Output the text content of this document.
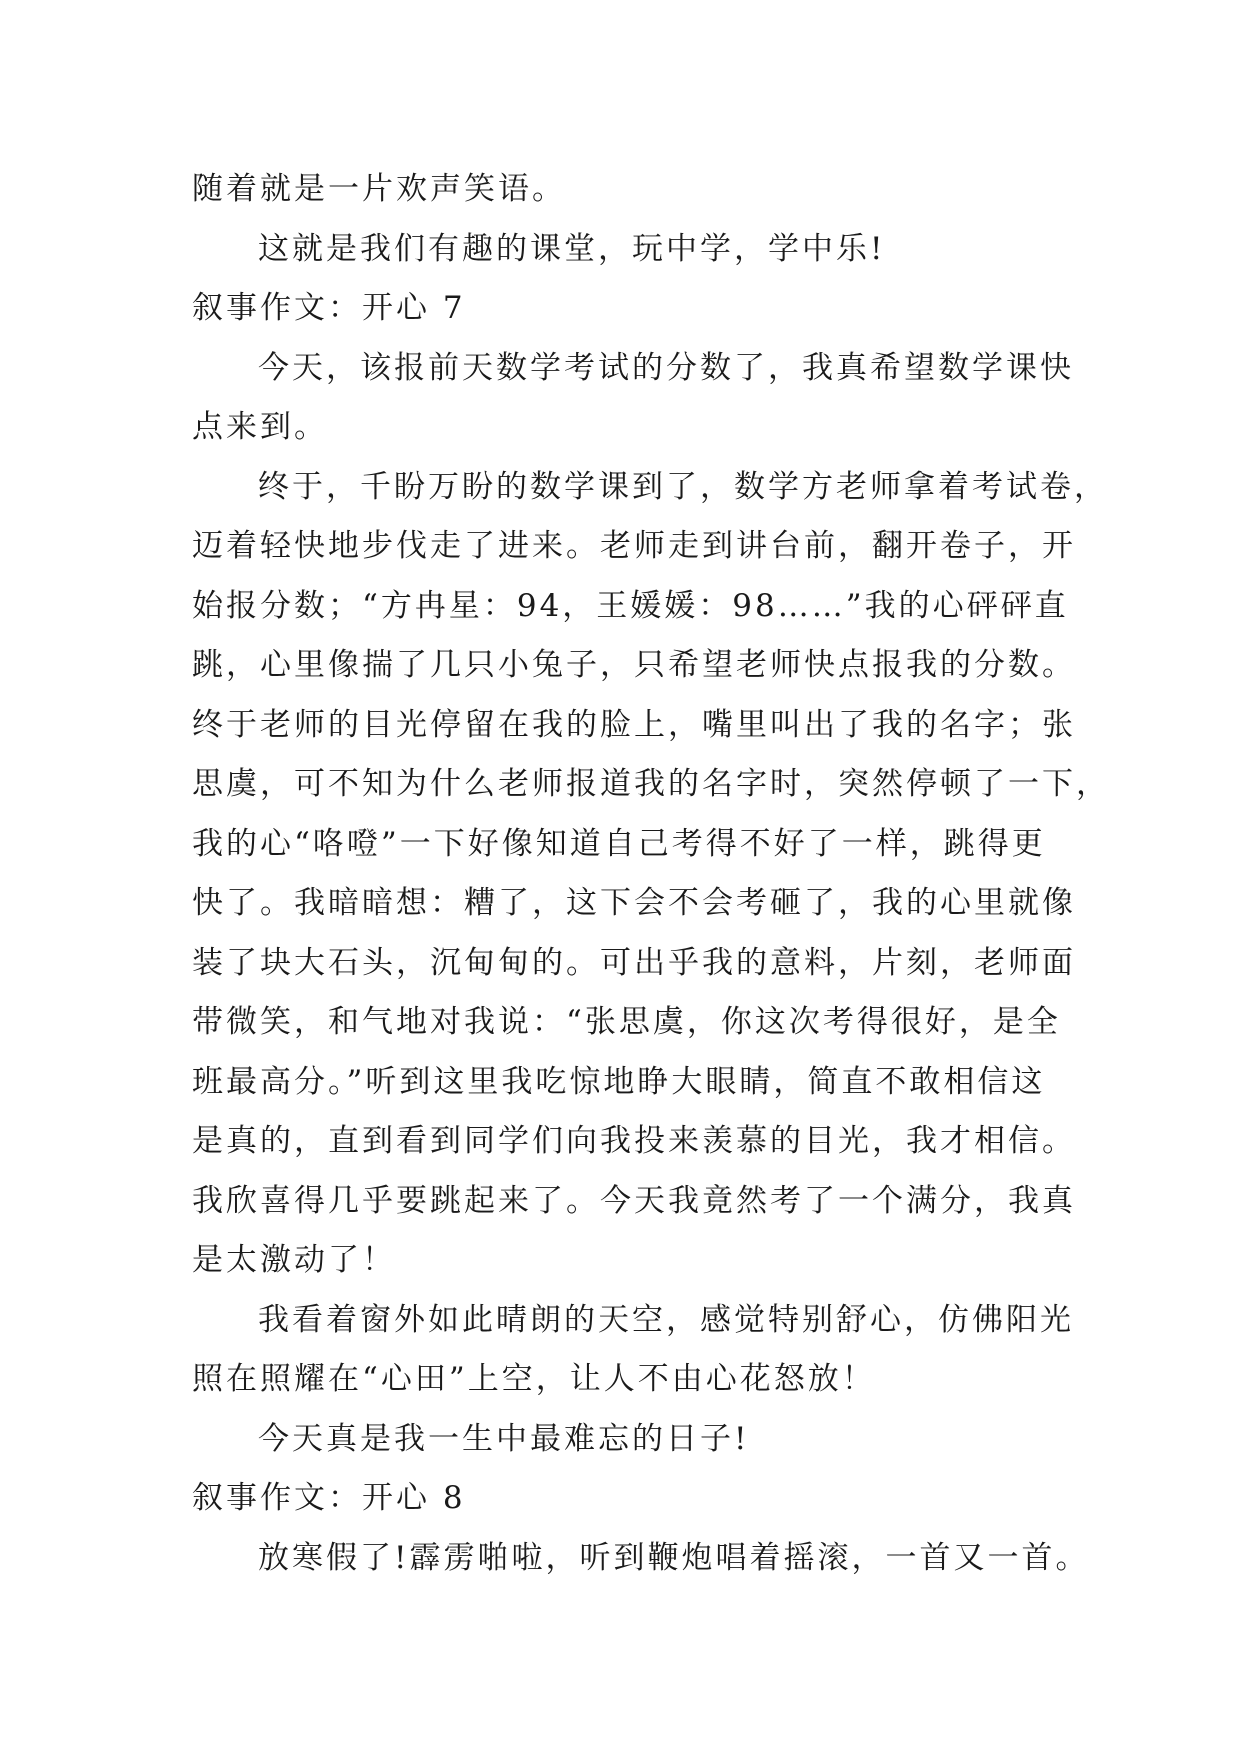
随着就是一片欢声笑语。
这就是我们有趣的课堂，玩中学，学中乐!
叙事作文：开心 7
今天，该报前天数学考试的分数了，我真希望数学课快
点来到。
终于，千盼万盼的数学课到了，数学方老师拿着考试卷，
迈着轻快地步伐走了进来。老师走到讲台前，翻开卷子，开
始报分数；“方冉星：94，王媛媛：98……”我的心砰砰直
跳，心里像揣了几只小兔子，只希望老师快点报我的分数。
终于老师的目光停留在我的脸上，嘴里叫出了我的名字；张
思虞，可不知为什么老师报道我的名字时，突然停顿了一下，
我的心“咯噔”一下好像知道自己考得不好了一样，跳得更
快了。我暗暗想：糟了，这下会不会考砸了，我的心里就像
装了块大石头，沉甸甸的。可出乎我的意料，片刻，老师面
带微笑，和气地对我说：“张思虞，你这次考得很好，是全
班最高分。”听到这里我吃惊地睁大眼睛，简直不敢相信这
是真的，直到看到同学们向我投来羡慕的目光，我才相信。
我欣喜得几乎要跳起来了。今天我竟然考了一个满分，我真
是太激动了！
我看着窗外如此晴朗的天空，感觉特别舒心，仿佛阳光
照在照耀在“心田”上空，让人不由心花怒放！
今天真是我一生中最难忘的日子!
叙事作文：开心 8
放寒假了!霹雳啪啦，听到鞭炮唱着摇滚，一首又一首。
